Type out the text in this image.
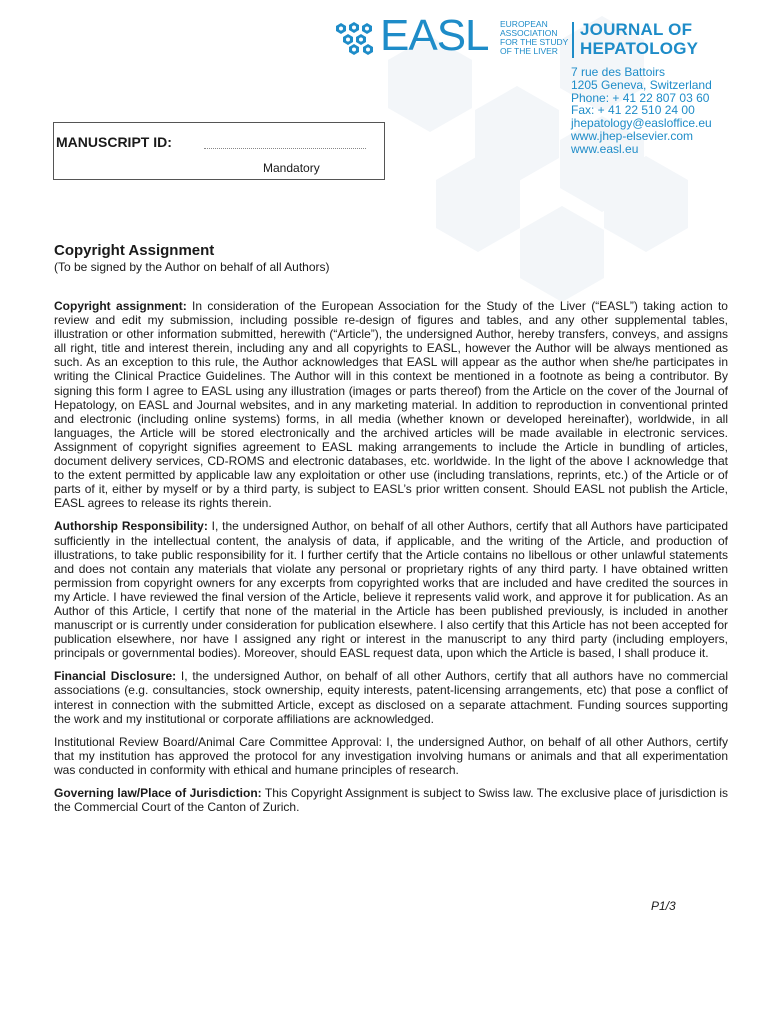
EASL EUROPEAN
ASSOCIATION
FOR THE STUDY
OF THE LIVER
JOURNAL OF
HEPATOLOGY
7 rue des Battoirs
1205 Geneva, Switzerland
Phone: + 41 22 807 03 60
Fax: + 41 22 510 24 00
jhepatology@easloffice.eu
www.jhep-elsevier.com
www.easl.eu
MANUSCRIPT ID:
Mandatory
Copyright Assignment
(To be signed by the Author on behalf of all Authors)

Copyright assignment: In consideration of the European Association for the Study of the Liver (“EASL”) taking action to review and edit my submission, including possible re-design of figures and tables, and any other supplemental tables, illustration or other information submitted, herewith (“Article”), the undersigned Author, hereby transfers, conveys, and assigns all right, title and interest therein, including any and all copyrights to EASL, however the Author will be always mentioned as such. As an exception to this rule, the Author acknowledges that EASL will appear as the author when she/he participates in writing the Clinical Practice Guidelines. The Author will in this context be mentioned in a footnote as being a contributor. By signing this form I agree to EASL using any illustration (images or parts thereof) from the Article on the cover of the Journal of Hepatology, on EASL and Journal websites, and in any marketing material. In addition to reproduction in conventional printed and electronic (including online systems) forms, in all media (whether known or developed hereinafter), worldwide, in all languages, the Article will be stored electronically and the archived articles will be made available in electronic services. Assignment of copyright signifies agreement to EASL making arrangements to include the Article in bundling of articles, document delivery services, CD-ROMS and electronic databases, etc. worldwide. In the light of the above I acknowledge that to the extent permitted by applicable law any exploitation or other use (including translations, reprints, etc.) of the Article or of parts of it, either by myself or by a third party, is subject to EASL’s prior written consent. Should EASL not publish the Article, EASL agrees to release its rights therein.

Authorship Responsibility: I, the undersigned Author, on behalf of all other Authors, certify that all Authors have participated sufficiently in the intellectual content, the analysis of data, if applicable, and the writing of the Article, and production of illustrations, to take public responsibility for it. I further certify that the Article contains no libellous or other unlawful statements and does not contain any materials that violate any personal or proprietary rights of any third party. I have obtained written permission from copyright owners for any excerpts from copyrighted works that are included and have credited the sources in my Article. I have reviewed the final version of the Article, believe it represents valid work, and approve it for publication. As an Author of this Article, I certify that none of the material in the Article has been published previously, is included in another manuscript or is currently under consideration for publication elsewhere. I also certify that this Article has not been accepted for publication elsewhere, nor have I assigned any right or interest in the manuscript to any third party (including employers, principals or governmental bodies). Moreover, should EASL request data, upon which the Article is based, I shall produce it.

Financial Disclosure: I, the undersigned Author, on behalf of all other Authors, certify that all authors have no commercial associations (e.g. consultancies, stock ownership, equity interests, patent-licensing arrangements, etc) that pose a conflict of interest in connection with the submitted Article, except as disclosed on a separate attachment. Funding sources supporting the work and my institutional or corporate affiliations are acknowledged.

Institutional Review Board/Animal Care Committee Approval: I, the undersigned Author, on behalf of all other Authors, certify that my institution has approved the protocol for any investigation involving humans or animals and that all experimentation was conducted in conformity with ethical and humane principles of research.

Governing law/Place of Jurisdiction: This Copyright Assignment is subject to Swiss law. The exclusive place of jurisdiction is the Commercial Court of the Canton of Zurich.

P1/3
